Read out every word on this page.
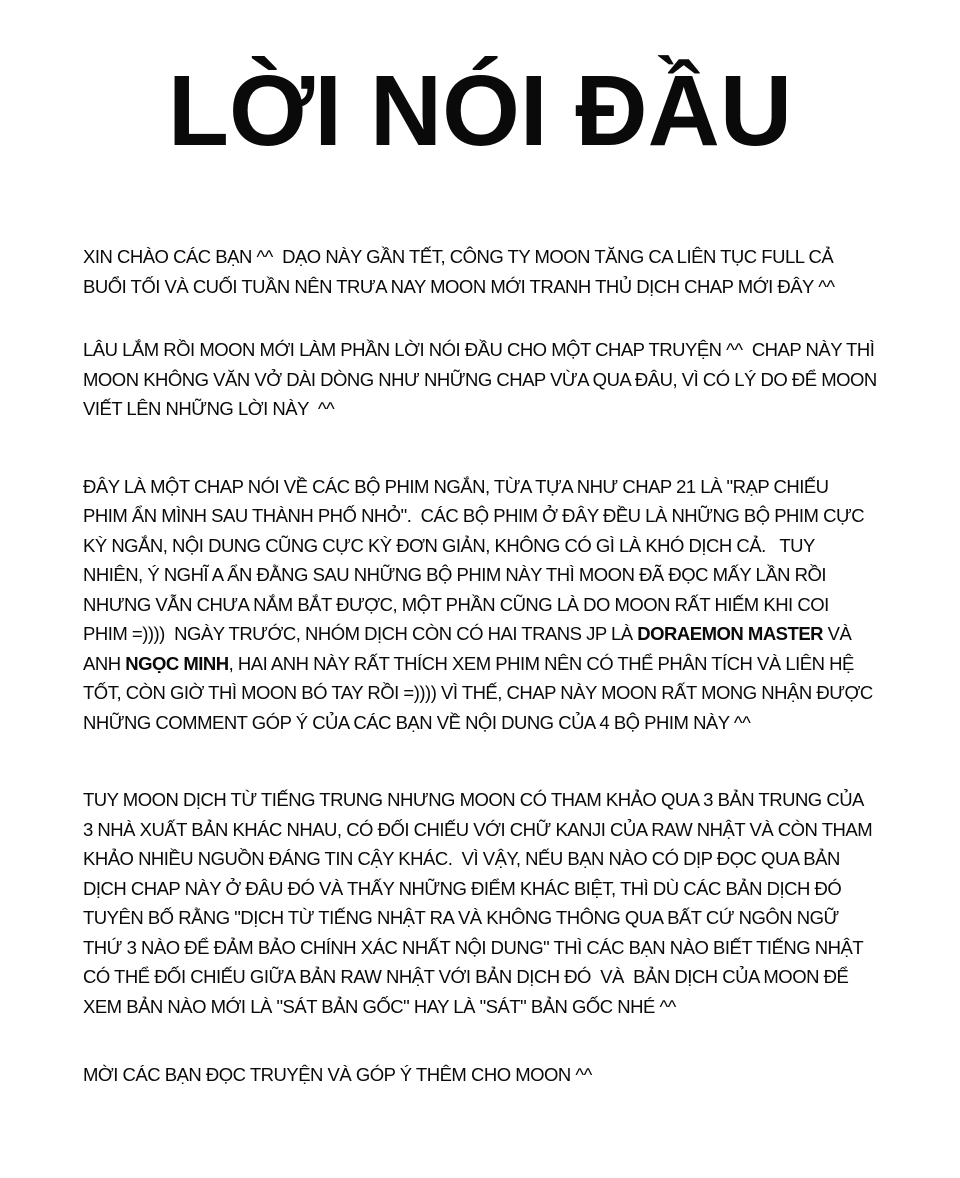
LỜI NÓI ĐẦU

XIN CHÀO CÁC BẠN ^^  DẠO NÀY GẦN TẾT, CÔNG TY MOON TĂNG CA LIÊN TỤC FULL CẢ BUỔI TỐI VÀ CUỐI TUẦN NÊN TRƯA NAY MOON MỚI TRANH THỦ DỊCH CHAP MỚI ĐÂY ^^

LÂU LẮM RỒI MOON MỚI LÀM PHẦN LỜI NÓI ĐẦU CHO MỘT CHAP TRUYỆN ^^  CHAP NÀY THÌ MOON KHÔNG VĂN VỞ DÀI DÒNG NHƯ NHỮNG CHAP VỪA QUA ĐÂU, VÌ CÓ LÝ DO ĐỂ MOON VIẾT LÊN NHỮNG LỜI NÀY  ^^

ĐÂY LÀ MỘT CHAP NÓI VỀ CÁC BỘ PHIM NGẮN, TỪA TỰA NHƯ CHAP 21 LÀ "RẠP CHIẾU PHIM ẨN MÌNH SAU THÀNH PHỐ NHỎ".  CÁC BỘ PHIM Ở ĐÂY ĐỀU LÀ NHỮNG BỘ PHIM CỰC KỲ NGẮN, NỘI DUNG CŨNG CỰC KỲ ĐƠN GIẢN, KHÔNG CÓ GÌ LÀ KHÓ DỊCH CẢ.   TUY NHIÊN, Ý NGHĨ A ẨN ĐẰNG SAU NHỮNG BỘ PHIM NÀY THÌ MOON ĐÃ ĐỌC MẤY LẦN RỒI NHƯNG VẪN CHƯA NẮM BẮT ĐƯỢC, MỘT PHẦN CŨNG LÀ DO MOON RẤT HIẾM KHI COI PHIM =))))  NGÀY TRƯỚC, NHÓM DỊCH CÒN CÓ HAI TRANS JP LÀ DORAEMON MASTER VÀ ANH NGỌC MINH, HAI ANH NÀY RẤT THÍCH XEM PHIM NÊN CÓ THỂ PHÂN TÍCH VÀ LIÊN HỆ TỐT, CÒN GIỜ THÌ MOON BÓ TAY RỒI =)))) VÌ THẾ, CHAP NÀY MOON RẤT MONG NHẬN ĐƯỢC NHỮNG COMMENT GÓP Ý CỦA CÁC BẠN VỀ NỘI DUNG CỦA 4 BỘ PHIM NÀY ^^

TUY MOON DỊCH TỪ TIẾNG TRUNG NHƯNG MOON CÓ THAM KHẢO QUA 3 BẢN TRUNG CỦA 3 NHÀ XUẤT BẢN KHÁC NHAU, CÓ ĐỐI CHIẾU VỚI CHỮ KANJI CỦA RAW NHẬT VÀ CÒN THAM KHẢO NHIỀU NGUỒN ĐÁNG TIN CẬY KHÁC.  VÌ VẬY, NẾU BẠN NÀO CÓ DỊP ĐỌC QUA BẢN DỊCH CHAP NÀY Ở ĐÂU ĐÓ VÀ THẤY NHỮNG ĐIỂM KHÁC BIỆT, THÌ DÙ CÁC BẢN DỊCH ĐÓ TUYÊN BỐ RẰNG "DỊCH TỪ TIẾNG NHẬT RA VÀ KHÔNG THÔNG QUA BẤT CỨ NGÔN NGỮ THỨ 3 NÀO ĐỂ ĐẢM BẢO CHÍNH XÁC NHẤT NỘI DUNG" THÌ CÁC BẠN NÀO BIẾT TIẾNG NHẬT CÓ THỂ ĐỐI CHIẾU GIỮA BẢN RAW NHẬT VỚI BẢN DỊCH ĐÓ  VÀ  BẢN DỊCH CỦA MOON ĐỂ XEM BẢN NÀO MỚI LÀ "SÁT BẢN GỐC" HAY LÀ "SÁT" BẢN GỐC NHÉ ^^

MỜI CÁC BẠN ĐỌC TRUYỆN VÀ GÓP Ý THÊM CHO MOON ^^
